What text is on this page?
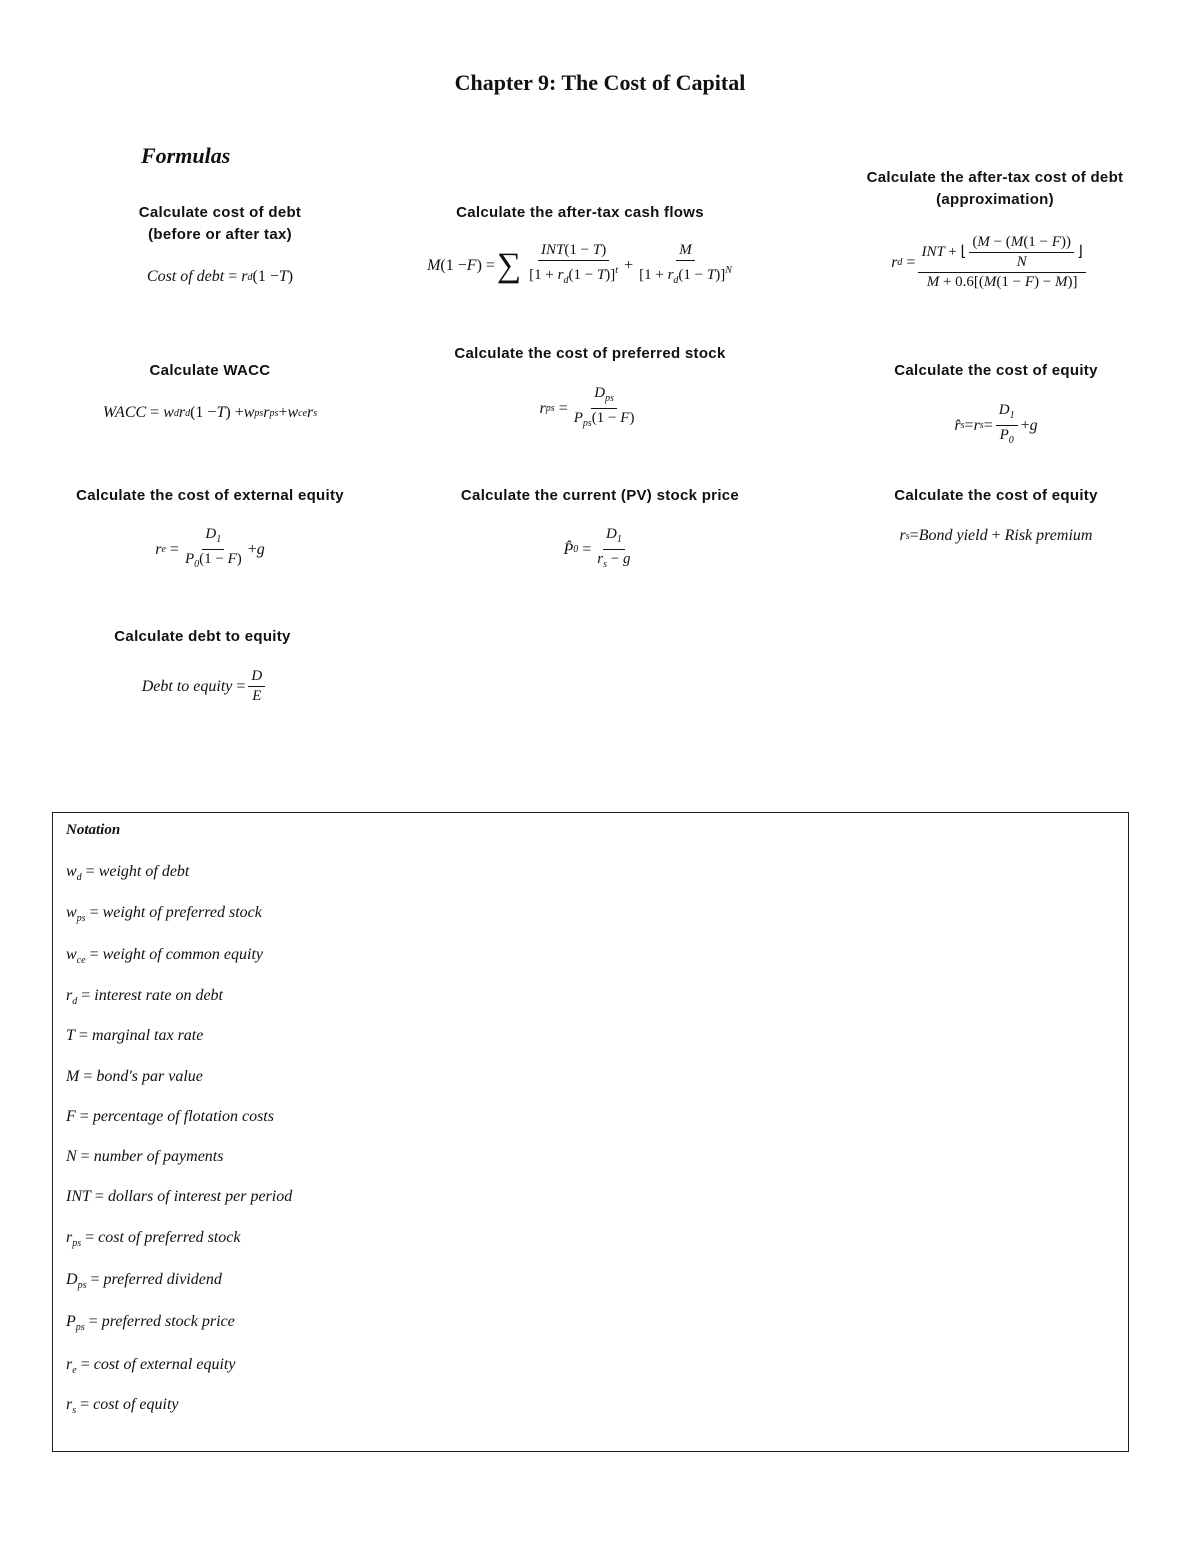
Chapter 9: The Cost of Capital
Formulas
Calculate cost of debt
(before or after tax)
Cost of debt = r d (1 − T )
Calculate the after-tax cash flows
M (1 − F ) = ∑ $\frac{\text{INT(1 − T)}}{[1 + r_d(1 - T)]^t} + \frac{M}{[1 + r_d(1 - T)]^N}$
Calculate the after-tax cost of debt
(approximation)
r $d = \frac{INT + ⌊ \frac{(M - (M(1 - F))}{N} ⌋}{M + 0.6[(M(1 - F) - M)]}$
Calculate WACC
WACC = w d r d (1 − T ) + w ps r ps + w ce r s
Calculate the cost of preferred stock
r ps = $\frac{D_{ps}}{P_{ps}(1 - F)}$
Calculate the cost of equity
r̂ s = r $s = \frac{D_1}{P_0} + g$
Calculate the cost of external equity
r $e = \frac{D_1}{P_0(1 - F)} + g$
Calculate the current (PV) stock price
P̂ $0 = \frac{D_1}{r_s - g}$
Calculate the cost of equity
r s = Bond yield + Risk premium
Calculate debt to equity
Debt to equity = $\frac{D}{E}$
Notation
$w_d$ = weight of debt
$w_{ps}$ = weight of preferred stock
$w_{ce}$ = weight of common equity
$r_d$ = interest rate on debt
T = marginal tax rate
M = bond's par value
F = percentage of flotation costs
N = number of payments
INT = dollars of interest per period
$r_{ps} = \cos t$ of preferred stock
$D_{ps}$ = preferred dividend
$P_{ps}$ = preferred stock price
$r_e = \cos t$ of external equity
$r_s = \cos t$ of equity
